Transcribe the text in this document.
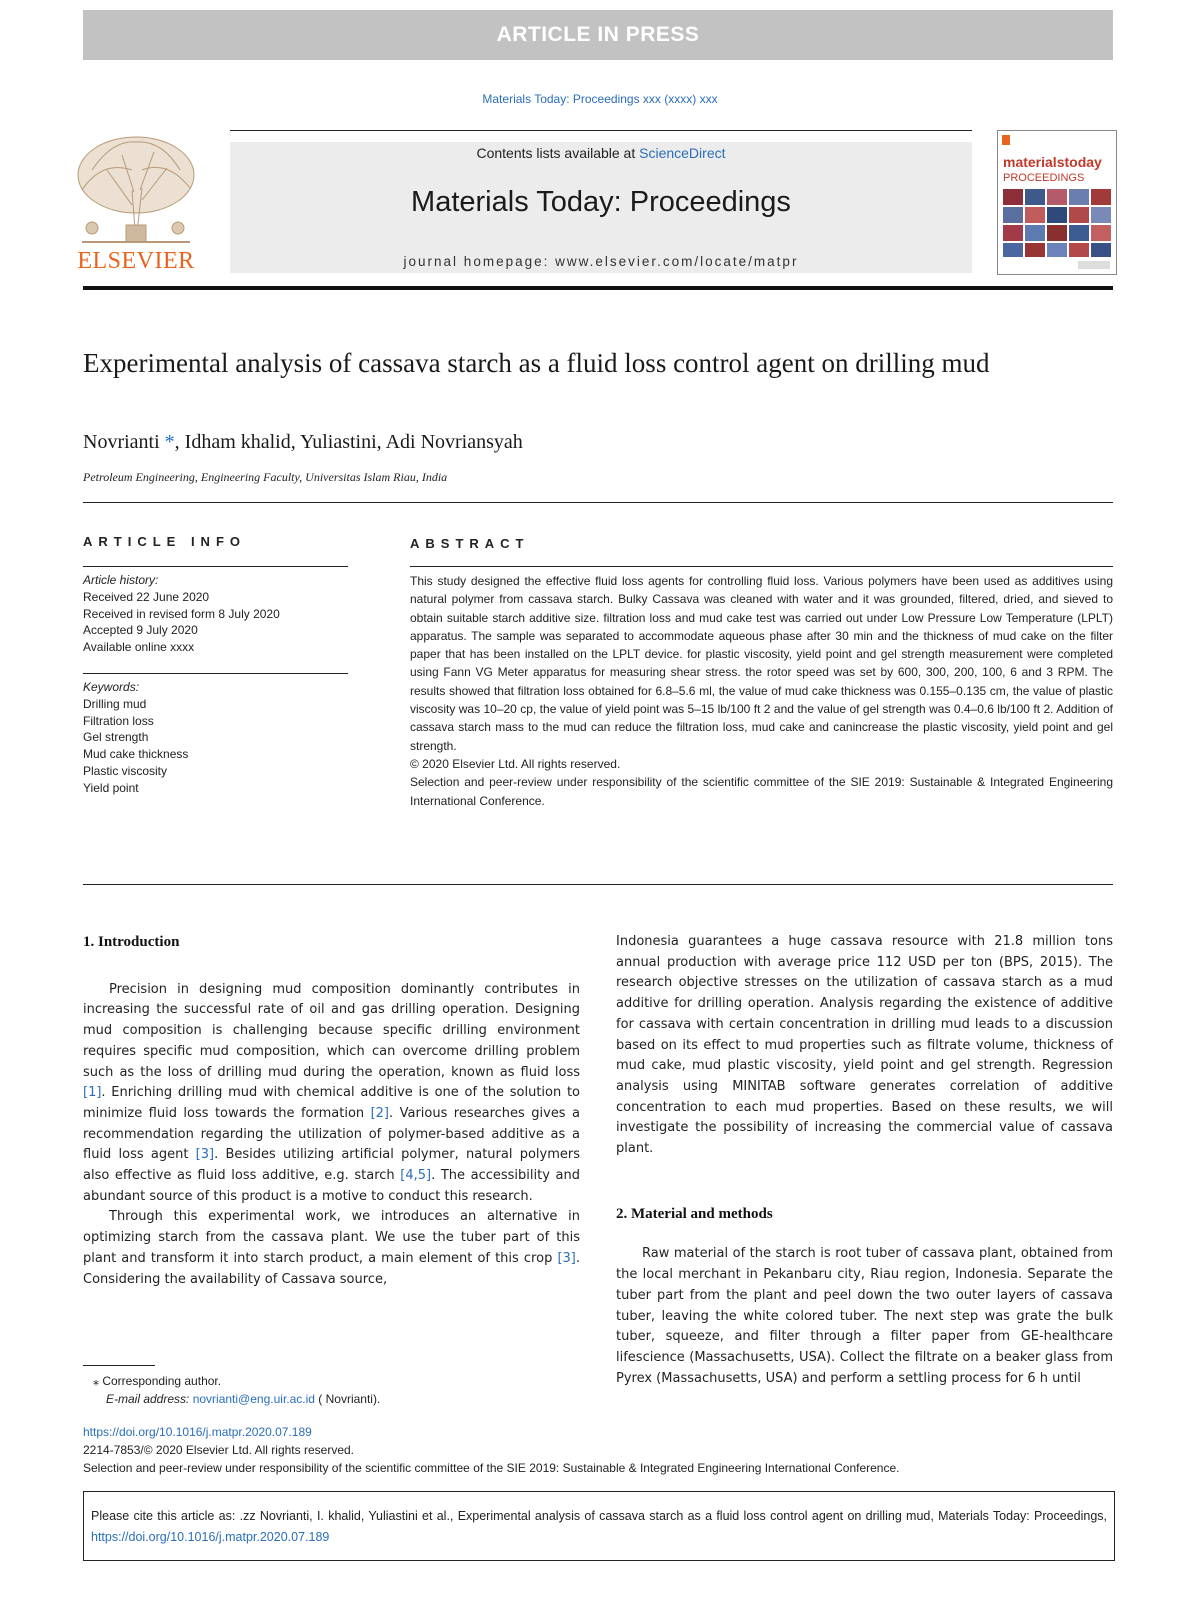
ARTICLE IN PRESS
Materials Today: Proceedings xxx (xxxx) xxx
ELSEVIER
Contents lists available at ScienceDirect
Materials Today: Proceedings
journal homepage: www.elsevier.com/locate/matpr
materialstoday
PROCEEDINGS
Experimental analysis of cassava starch as a fluid loss control agent on drilling mud
Novrianti *, Idham khalid, Yuliastini, Adi Novriansyah
Petroleum Engineering, Engineering Faculty, Universitas Islam Riau, India
ARTICLE INFO
Article history:
Received 22 June 2020
Received in revised form 8 July 2020
Accepted 9 July 2020
Available online xxxx
Keywords:
Drilling mud
Filtration loss
Gel strength
Mud cake thickness
Plastic viscosity
Yield point
ABSTRACT

This study designed the effective fluid loss agents for controlling fluid loss. Various polymers have been used as additives using natural polymer from cassava starch. Bulky Cassava was cleaned with water and it was grounded, filtered, dried, and sieved to obtain suitable starch additive size. filtration loss and mud cake test was carried out under Low Pressure Low Temperature (LPLT) apparatus. The sample was separated to accommodate aqueous phase after 30 min and the thickness of mud cake on the filter paper that has been installed on the LPLT device. for plastic viscosity, yield point and gel strength measurement were completed using Fann VG Meter apparatus for measuring shear stress. the rotor speed was set by 600, 300, 200, 100, 6 and 3 RPM. The results showed that filtration loss obtained for 6.8–5.6 ml, the value of mud cake thickness was 0.155–0.135 cm, the value of plastic viscosity was 10–20 cp, the value of yield point was 5–15 lb/100 ft 2 and the value of gel strength was 0.4–0.6 lb/100 ft 2. Addition of cassava starch mass to the mud can reduce the filtration loss, mud cake and canincrease the plastic viscosity, yield point and gel strength.

© 2020 Elsevier Ltd. All rights reserved.

Selection and peer-review under responsibility of the scientific committee of the SIE 2019: Sustainable & Integrated Engineering International Conference.

1. Introduction

Precision in designing mud composition dominantly contributes in increasing the successful rate of oil and gas drilling operation. Designing mud composition is challenging because specific drilling environment requires specific mud composition, which can overcome drilling problem such as the loss of drilling mud during the operation, known as fluid loss [1]. Enriching drilling mud with chemical additive is one of the solution to minimize fluid loss towards the formation [2]. Various researches gives a recommendation regarding the utilization of polymer-based additive as a fluid loss agent [3]. Besides utilizing artificial polymer, natural polymers also effective as fluid loss additive, e.g. starch [4,5]. The accessibility and abundant source of this product is a motive to conduct this research.

Through this experimental work, we introduces an alternative in optimizing starch from the cassava plant. We use the tuber part of this plant and transform it into starch product, a main element of this crop [3]. Considering the availability of Cassava source,

Indonesia guarantees a huge cassava resource with 21.8 million tons annual production with average price 112 USD per ton (BPS, 2015). The research objective stresses on the utilization of cassava starch as a mud additive for drilling operation. Analysis regarding the existence of additive for cassava with certain concentration in drilling mud leads to a discussion based on its effect to mud properties such as filtrate volume, thickness of mud cake, mud plastic viscosity, yield point and gel strength. Regression analysis using MINITAB software generates correlation of additive concentration to each mud properties. Based on these results, we will investigate the possibility of increasing the commercial value of cassava plant.

2. Material and methods

Raw material of the starch is root tuber of cassava plant, obtained from the local merchant in Pekanbaru city, Riau region, Indonesia. Separate the tuber part from the plant and peel down the two outer layers of cassava tuber, leaving the white colored tuber. The next step was grate the bulk tuber, squeeze, and filter through a filter paper from GE-healthcare lifescience (Massachusetts, USA). Collect the filtrate on a beaker glass from Pyrex (Massachusetts, USA) and perform a settling process for 6 h until

⁎ Corresponding author.
E-mail address: novrianti@eng.uir.ac.id ( Novrianti).
https://doi.org/10.1016/j.matpr.2020.07.189
2214-7853/© 2020 Elsevier Ltd. All rights reserved.
Selection and peer-review under responsibility of the scientific committee of the SIE 2019: Sustainable & Integrated Engineering International Conference.
Please cite this article as: .zz Novrianti, I. khalid, Yuliastini et al., Experimental analysis of cassava starch as a fluid loss control agent on drilling mud, Materials Today: Proceedings, https://doi.org/10.1016/j.matpr.2020.07.189
